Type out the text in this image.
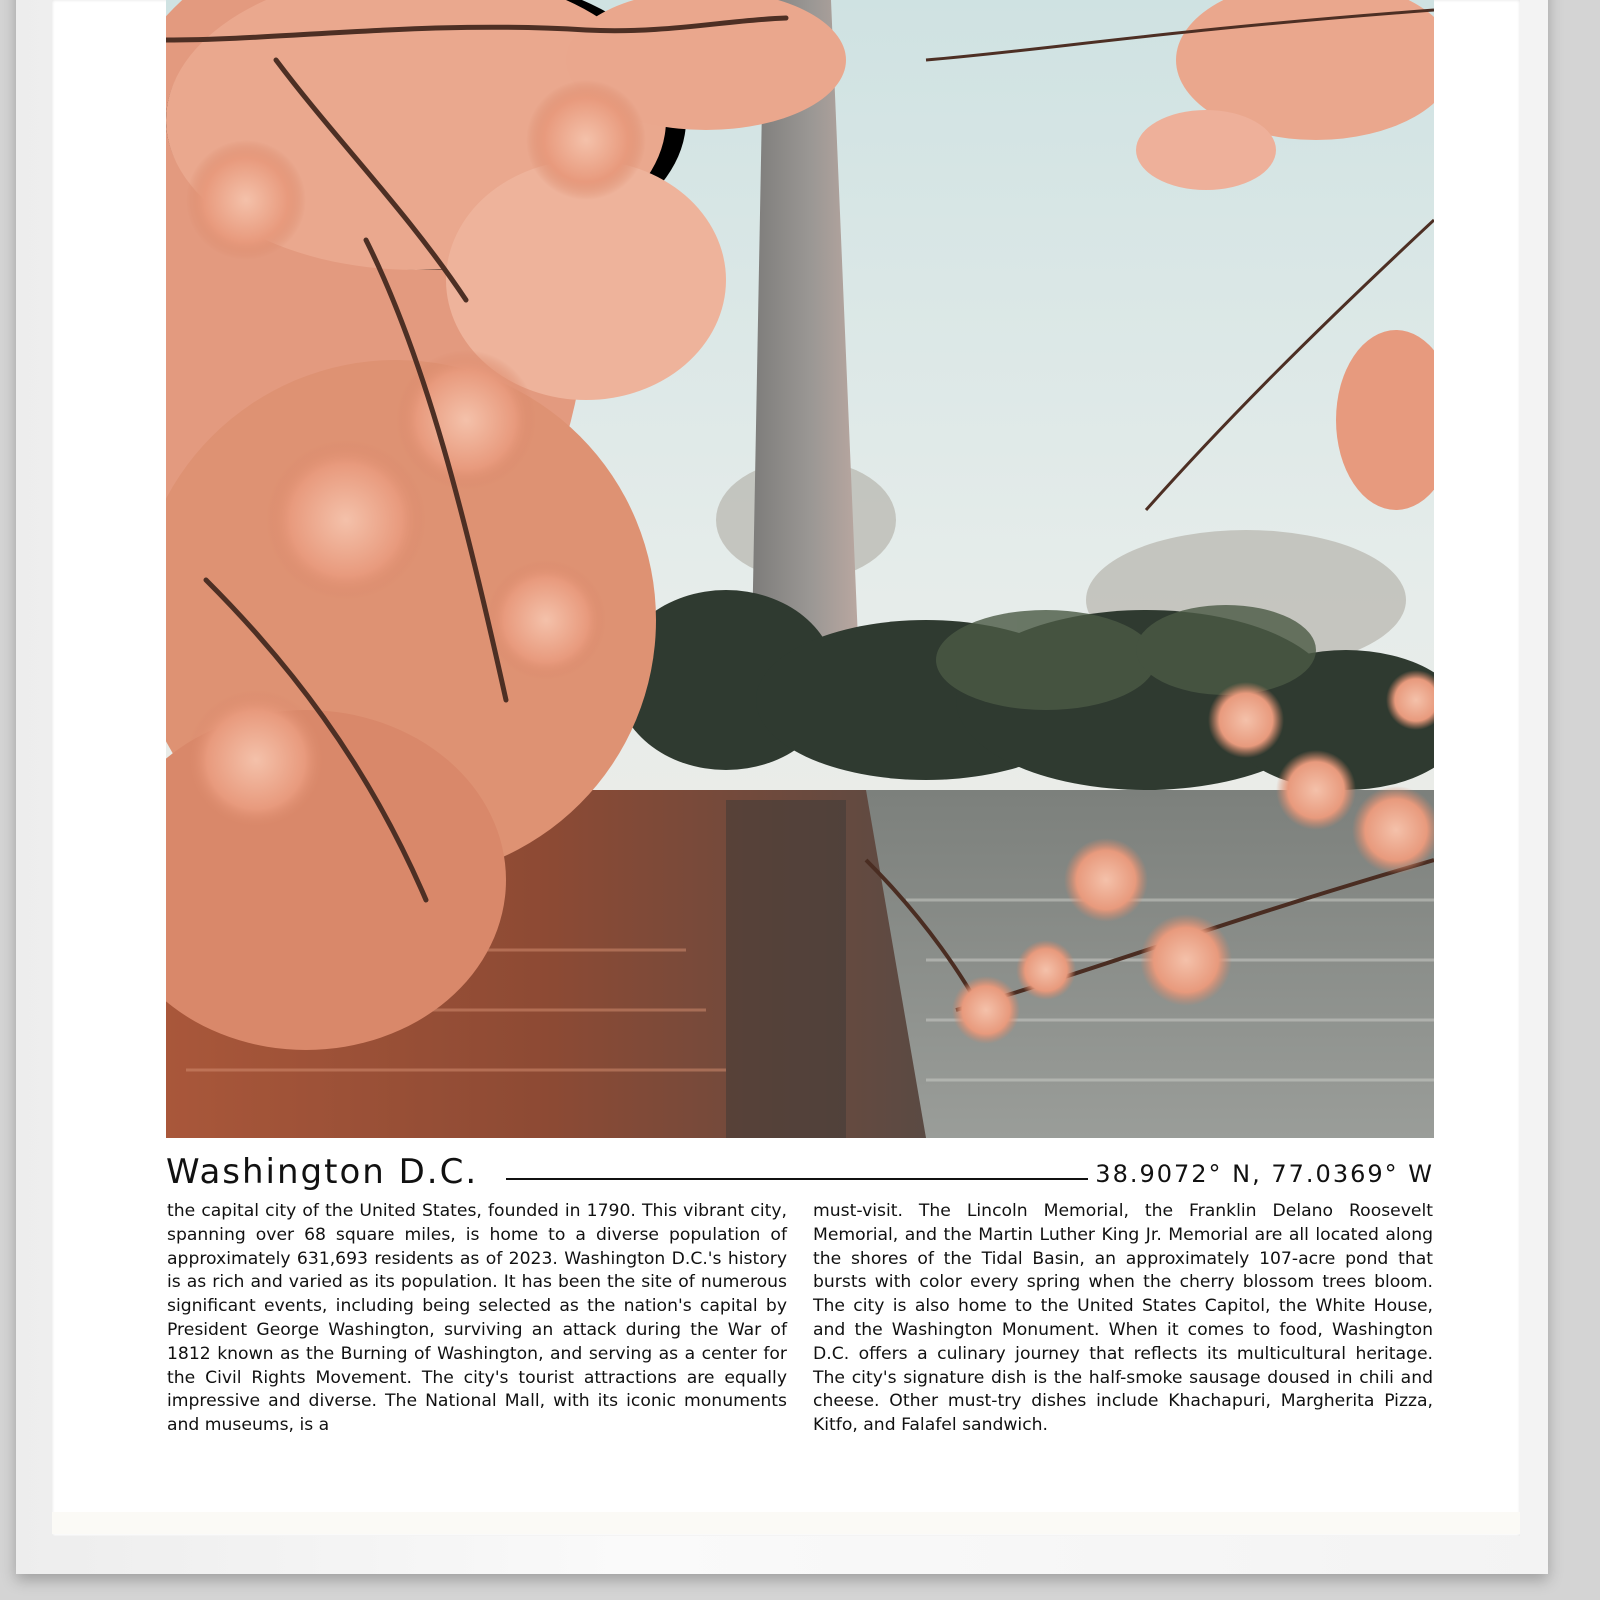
Washington D.C.	38.9072° N, 77.0369° W
the capital city of the United States, founded in 1790. This vibrant city, spanning over 68 square miles, is home to a diverse population of approximately 631,693 residents as of 2023. Washington D.C.'s history is as rich and varied as its population. It has been the site of numerous significant events, including being selected as the nation's capital by President George Washington, surviving an attack during the War of 1812 known as the Burning of Washington, and serving as a center for the Civil Rights Movement. The city's tourist attractions are equally impressive and diverse. The National Mall, with its iconic monuments and museums, is a
must-visit. The Lincoln Memorial, the Franklin Delano Roosevelt Memorial, and the Martin Luther King Jr. Memorial are all located along the shores of the Tidal Basin, an approximately 107-acre pond that bursts with color every spring when the cherry blossom trees bloom. The city is also home to the United States Capitol, the White House, and the Washington Monument. When it comes to food, Washington D.C. offers a culinary journey that reflects its multicultural heritage. The city's signature dish is the half-smoke sausage doused in chili and cheese. Other must-try dishes include Khachapuri, Margherita Pizza, Kitfo, and Falafel sandwich.
